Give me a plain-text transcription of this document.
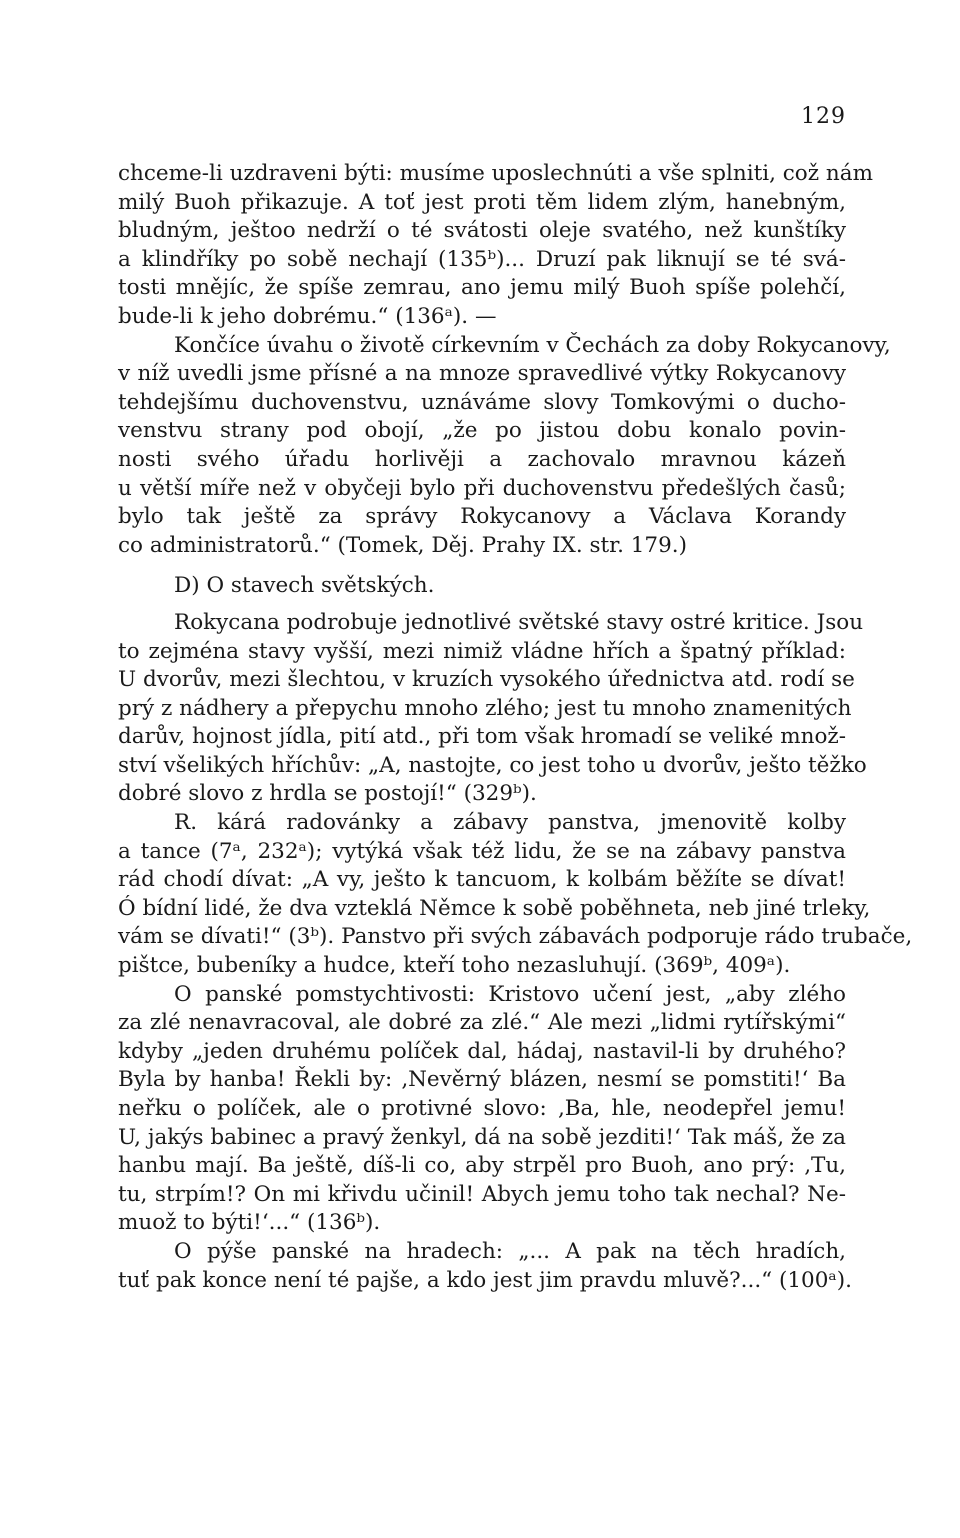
129
chceme-li uzdraveni býti: musíme uposlechnúti a vše splniti, což nám
milý Buoh přikazuje. A toť jest proti těm lidem zlým, hanebným,
bludným, ještoo nedrží o té svátosti oleje svatého, než kunštíky
a klindříky po sobě nechají (135ᵇ)... Druzí pak liknují se té svá-
tosti mnějíc, že spíše zemrau, ano jemu milý Buoh spíše polehčí,
bude-li k jeho dobrému.“ (136ᵃ). —
Končíce úvahu o životě církevním v Čechách za doby Rokycanovy,
v níž uvedli jsme přísné a na mnoze spravedlivé výtky Rokycanovy
tehdejšímu duchovenstvu, uznáváme slovy Tomkovými o ducho-
venstvu strany pod obojí, „že po jistou dobu konalo povin-
nosti svého úřadu horlivěji a zachovalo mravnou kázeň
u větší míře než v obyčeji bylo při duchovenstvu předešlých časů;
bylo tak ještě za správy Rokycanovy a Václava Korandy
co administratorů.“ (Tomek, Děj. Prahy IX. str. 179.)
D) O stavech světských.
Rokycana podrobuje jednotlivé světské stavy ostré kritice. Jsou
to zejména stavy vyšší, mezi nimiž vládne hřích a špatný příklad:
U dvorův, mezi šlechtou, v kruzích vysokého úřednictva atd. rodí se
prý z nádhery a přepychu mnoho zlého; jest tu mnoho znamenitých
darův, hojnost jídla, pití atd., při tom však hromadí se veliké množ-
ství všelikých hříchův: „A, nastojte, co jest toho u dvorův, ješto těžko
dobré slovo z hrdla se postojí!“ (329ᵇ).
R. kárá radovánky a zábavy panstva, jmenovitě kolby
a tance (7ᵃ, 232ᵃ); vytýká však též lidu, že se na zábavy panstva
rád chodí dívat: „A vy, ješto k tancuom, k kolbám běžíte se dívat!
Ó bídní lidé, že dva vzteklá Němce k sobě poběhneta, neb jiné trleky,
vám se dívati!“ (3ᵇ). Panstvo při svých zábavách podporuje rádo trubače,
pištce, bubeníky a hudce, kteří toho nezasluhují. (369ᵇ, 409ᵃ).
O panské pomstychtivosti: Kristovo učení jest, „aby zlého
za zlé nenavracoval, ale dobré za zlé.“ Ale mezi „lidmi rytířskými“
kdyby „jeden druhému políček dal, hádaj, nastavil-li by druhého?
Byla by hanba! Řekli by: ‚Nevěrný blázen, nesmí se pomstiti!‘ Ba
neřku o políček, ale o protivné slovo: ‚Ba, hle, neodepřel jemu!
U, jakýs babinec a pravý ženkyl, dá na sobě jezditi!‘ Tak máš, že za
hanbu mají. Ba ještě, díš-li co, aby strpěl pro Buoh, ano prý: ‚Tu,
tu, strpím!? On mi křivdu učinil! Abych jemu toho tak nechal? Ne-
muož to býti!‘...“ (136ᵇ).
O pýše panské na hradech: „... A pak na těch hradích,
tuť pak konce není té pajše, a kdo jest jim pravdu mluvě?...“ (100ᵃ).
